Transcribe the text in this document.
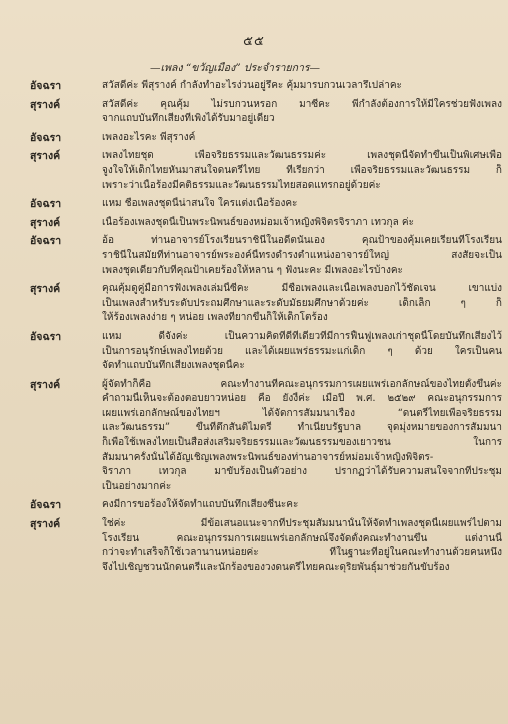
๕๕
—เพลง “ขวัญเมือง” ประจำรายการ—
อัจฉรา	สวัสดีค่ะ พี่สุรางค์ กำลังทำอะไรง่วนอยู่รึคะ คุ้มมารบกวนเวลารึเปล่าคะ
สุรางค์	สวัสดีค่ะ คุณคุ้ม ไม่รบกวนหรอก มาซีคะ พี่กำลังต้องการให้มีใครช่วยฟังเพลง
จากแถบบันทึกเสียงที่เพิ่งได้รับมาอยู่เดียว
อัจฉรา	เพลงอะไรคะ พี่สุรางค์
สุรางค์	เพลงไทยชุด เพื่อจริยธรรมและวัฒนธรรมค่ะ เพลงชุดนี้จัดทำขึ้นเป็นพิเศษเพื่อ
จูงใจให้เด็กไทยหันมาสนใจดนตรีไทย ที่เรียกว่า เพื่อจริยธรรมและวัฒนธรรม ก็
เพราะว่าเนื้อร้องมีคติธรรมและวัฒนธรรมไทยสอดแทรกอยู่ด้วยค่ะ
อัจฉรา	แหม ชื่อเพลงชุดนี้น่าสนใจ ใครแต่งเนื้อร้องคะ
สุรางค์	เนื้อร้องเพลงชุดนี้เป็นพระนิพนธ์ของหม่อมเจ้าหญิงพิจิตรจิราภา เทวกุล ค่ะ
อัจฉรา	อ้อ ท่านอาจารย์โรงเรียนราชินีในอดีตนั่นเอง คุณป้าของคุ้มเคยเรียนที่โรงเรียน
ราชินีในสมัยที่ท่านอาจารย์พระองค์นี้ทรงดำรงตำแหน่งอาจารย์ใหญ่ สงสัยจะเป็น
เพลงชุดเดียวกับที่คุณป้าเคยร้องให้หลาน ๆ ฟังนะคะ มีเพลงอะไรบ้างคะ
สุรางค์	คุณคุ้มดูคู่มือการฟังเพลงเล่มนี้ซีคะ มีชื่อเพลงและเนื้อเพลงบอกไว้ชัดเจน เขาแบ่ง
เป็นเพลงสำหรับระดับประถมศึกษาและระดับมัธยมศึกษาด้วยค่ะ เด็กเล็ก ๆ ก็
ให้ร้องเพลงง่าย ๆ หน่อย เพลงที่ยากขึ้นก็ให้เด็กโตร้อง
อัจฉรา	แหม ดีจังค่ะ เป็นความคิดที่ดีทีเดียวที่มีการฟื้นฟูเพลงเก่าชุดนี้โดยบันทึกเสียงไว้
เป็นการอนุรักษ์เพลงไทยด้วย และได้เผยแพร่ธรรมะแก่เด็ก ๆ ด้วย ใครเป็นคน
จัดทำแถบบันทึกเสียงเพลงชุดนี้คะ
สุรางค์	ผู้จัดทำก็คือ คณะทำงานที่คณะอนุกรรมการเผยแพร่เอกลักษณ์ของไทยตั้งขึ้นค่ะ
คำถามนี้เห็นจะต้องตอบยาวหน่อย คือ ยังงี้ค่ะ เมื่อปี พ.ศ. ๒๕๒๙ คณะอนุกรรมการ
เผยแพร่เอกลักษณ์ของไทยฯ ได้จัดการสัมมนาเรื่อง “ดนตรีไทยเพื่อจริยธรรม
และวัฒนธรรม” ขึ้นที่ตึกสันติไมตรี ทำเนียบรัฐบาล จุดมุ่งหมายของการสัมมนา
ก็เพื่อใช้เพลงไทยเป็นสื่อส่งเสริมจริยธรรมและวัฒนธรรมของเยาวชน ในการ
สัมมนาครั้งนั้นได้อัญเชิญเพลงพระนิพนธ์ของท่านอาจารย์หม่อมเจ้าหญิงพิจิตร-
จิราภา เทวกุล มาขับร้องเป็นตัวอย่าง ปรากฏว่าได้รับความสนใจจากที่ประชุม
เป็นอย่างมากค่ะ
อัจฉรา	คงมีการขอร้องให้จัดทำแถบบันทึกเสียงซีนะคะ
สุรางค์	ใช่ค่ะ มีข้อเสนอแนะจากที่ประชุมสัมมนานั้นให้จัดทำเพลงชุดนี้เผยแพร่ไปตาม
โรงเรียน คณะอนุกรรมการเผยแพร่เอกลักษณ์จึงจัดตั้งคณะทำงานขึ้น แต่งานนี้
กว่าจะทำเสร็จก็ใช้เวลานานหน่อยค่ะ ที่ในฐานะที่อยู่ในคณะทำงานด้วยคนหนึ่ง
จึงไปเชิญชวนนักดนตรีและนักร้องของวงดนตรีไทยคณะดุริยพันธุ์มาช่วยกันขับร้อง
